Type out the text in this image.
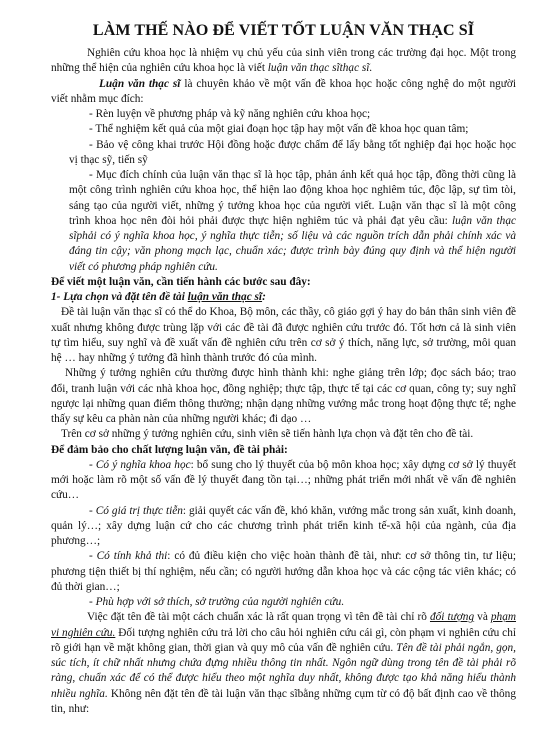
LÀM THẾ NÀO ĐỂ VIẾT TỐT LUẬN VĂN THẠC SĨ

Nghiên cứu khoa học là nhiệm vụ chủ yếu của sinh viên trong các trường đại học. Một trong những thể hiện của nghiên cứu khoa học là viết luận văn thạc sĩthạc sĩ.

Luận văn thạc sĩ là chuyên khảo về một vấn đề khoa học hoặc công nghệ do một người viết nhằm mục đích:

- Rèn luyện về phương pháp và kỹ năng nghiên cứu khoa học;

- Thể nghiệm kết quả của một giai đoạn học tập hay một vấn đề khoa học quan tâm;

- Bảo vệ công khai trước Hội đồng hoặc được chấm để lấy bằng tốt nghiệp đại học hoặc học vị thạc sỹ, tiến sỹ

- Mục đích chính của luận văn thạc sĩ là học tập, phản ánh kết quả học tập, đồng thời cũng là một công trình nghiên cứu khoa học, thể hiện lao động khoa học nghiêm túc, độc lập, sự tìm tòi, sáng tạo của người viết, những ý tưởng khoa học của người viết. Luận văn thạc sĩ là một công trình khoa học nên đòi hỏi phải được thực hiện nghiêm túc và phải đạt yêu cầu: luận văn thạc sĩphải có ý nghĩa khoa học, ý nghĩa thực tiễn; số liệu và các nguồn trích dẫn phải chính xác và đáng tin cậy; văn phong mạch lạc, chuẩn xác; được trình bày đúng quy định và thể hiện người viết có phương pháp nghiên cứu.

Để viết một luận văn, cần tiến hành các bước sau đây:

1- Lựa chọn và đặt tên đề tài luận văn thạc sĩ:

Đề tài luận văn thạc sĩ có thể do Khoa, Bộ môn, các thầy, cô giáo gợi ý hay do bản thân sinh viên đề xuất nhưng không được trùng lặp với các đề tài đã được nghiên cứu trước đó. Tốt hơn cả là sinh viên tự tìm hiểu, suy nghĩ và đề xuất vấn đề nghiên cứu trên cơ sở ý thích, năng lực, sở trường, môi quan hệ … hay những ý tưởng đã hình thành trước đó của mình.

Những ý tưởng nghiên cứu thường được hình thành khi: nghe giảng trên lớp; đọc sách báo; trao đổi, tranh luận với các nhà khoa học, đồng nghiệp; thực tập, thực tế tại các cơ quan, công ty; suy nghĩ ngược lại những quan điểm thông thường; nhận dạng những vướng mắc trong hoạt động thực tế; nghe thấy sự kêu ca phàn nàn của những người khác; đi dạo …

Trên cơ sở những ý tưởng nghiên cứu, sinh viên sẽ tiến hành lựa chọn và đặt tên cho đề tài.

Để đảm bảo cho chất lượng luận văn, đề tài phải:

- Có ý nghĩa khoa học: bổ sung cho lý thuyết của bộ môn khoa học; xây dựng cơ sở lý thuyết mới hoặc làm rõ một số vấn đề lý thuyết đang tồn tại…; những phát triển mới nhất về vấn đề nghiên cứu…

- Có giá trị thực tiễn: giải quyết các vấn đề, khó khăn, vướng mắc trong sản xuất, kinh doanh, quản lý…; xây dựng luận cứ cho các chương trình phát triển kinh tế-xã hội của ngành, của địa phương…;

- Có tính khả thi: có đủ điều kiện cho việc hoàn thành đề tài, như: cơ sở thông tin, tư liệu; phương tiện thiết bị thí nghiệm, nếu cần; có người hướng dẫn khoa học và các cộng tác viên khác; có đủ thời gian…;

- Phù hợp với sở thích, sở trường của người nghiên cứu.

Việc đặt tên đề tài một cách chuẩn xác là rất quan trọng vì tên đề tài chỉ rõ đối tượng và phạm vi nghiên cứu. Đối tượng nghiên cứu trả lời cho câu hỏi nghiên cứu cái gì, còn phạm vi nghiên cứu chỉ rõ giới hạn về mặt không gian, thời gian và quy mô của vấn đề nghiên cứu. Tên đề tài phải ngắn, gọn, súc tích, ít chữ nhất nhưng chứa đựng nhiều thông tin nhất. Ngôn ngữ dùng trong tên đề tài phải rõ ràng, chuẩn xác để có thể được hiểu theo một nghĩa duy nhất, không được tạo khả năng hiểu thành nhiều nghĩa. Không nên đặt tên đề tài luận văn thạc sĩbằng những cụm từ có độ bất định cao về thông tin, như:
